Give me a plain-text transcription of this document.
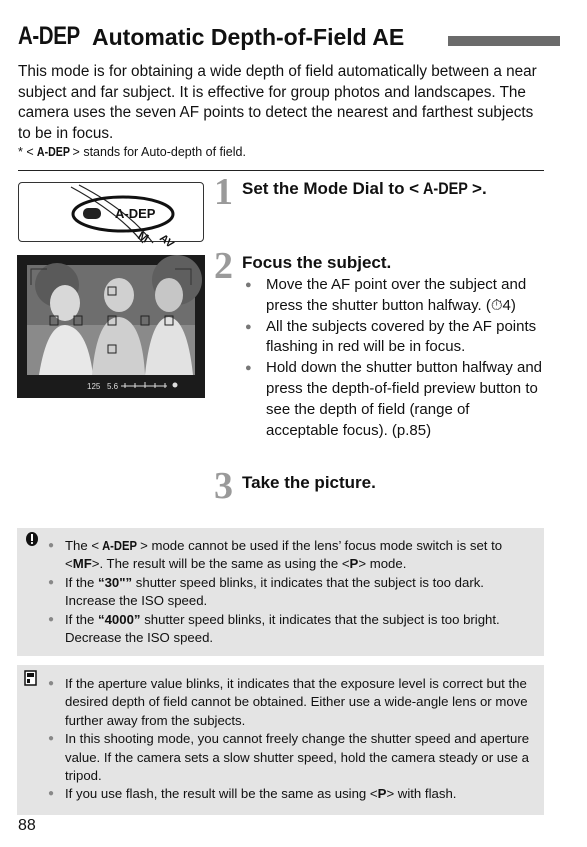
A-DEP Automatic Depth-of-Field AE
This mode is for obtaining a wide depth of field automatically between a near subject and far subject. It is effective for group photos and landscapes. The camera uses the seven AF points to detect the nearest and farthest subjects to be in focus.
* < A-DEP > stands for Auto-depth of field.
A-DEP
M AV
125 5.6
1 Set the Mode Dial to < A-DEP >.
2 Focus the subject.
● Move the AF point over the subject and press the shutter button halfway. (⏱4)
● All the subjects covered by the AF points flashing in red will be in focus.
● Hold down the shutter button halfway and press the depth-of-field preview button to see the depth of field (range of acceptable focus). (p.85)
3 Take the picture.
● The < A-DEP > mode cannot be used if the lens’ focus mode switch is set to <MF>. The result will be the same as using the <P> mode.
● If the “30"” shutter speed blinks, it indicates that the subject is too dark. Increase the ISO speed.
● If the “4000” shutter speed blinks, it indicates that the subject is too bright. Decrease the ISO speed.
● If the aperture value blinks, it indicates that the exposure level is correct but the desired depth of field cannot be obtained. Either use a wide-angle lens or move further away from the subjects.
● In this shooting mode, you cannot freely change the shutter speed and aperture value. If the camera sets a slow shutter speed, hold the camera steady or use a tripod.
● If you use flash, the result will be the same as using <P> with flash.
88
